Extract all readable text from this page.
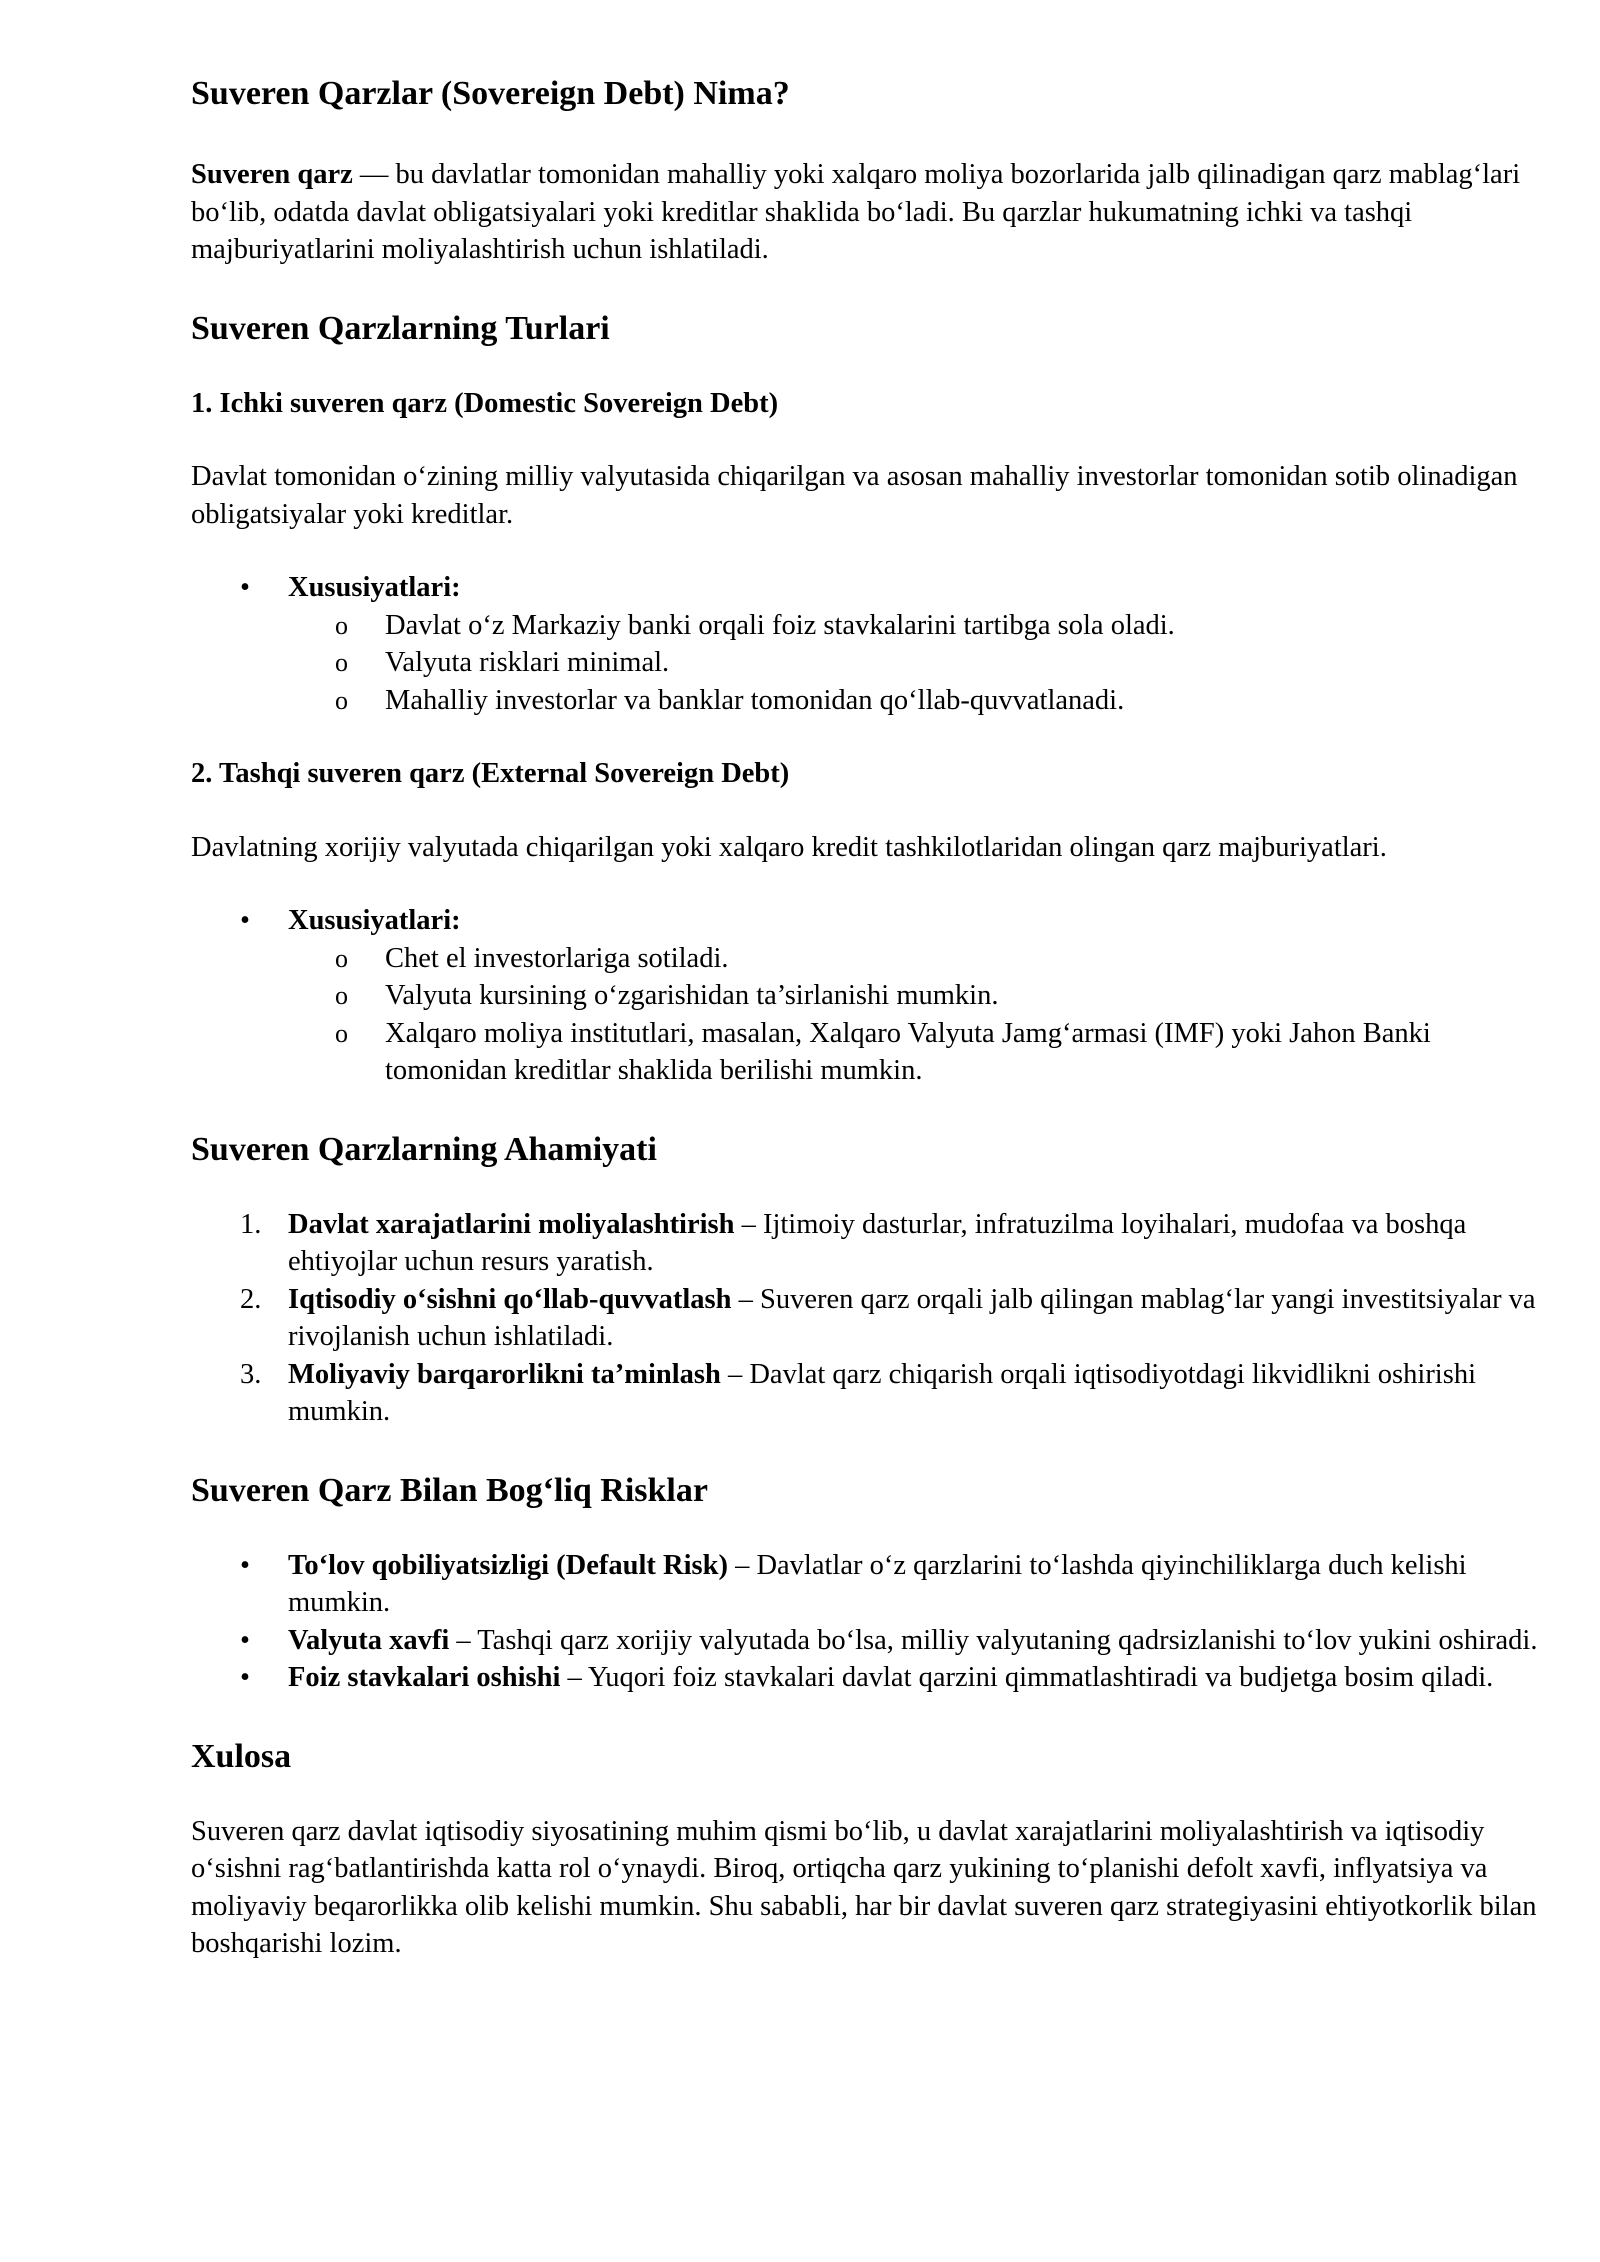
Suveren Qarzlar (Sovereign Debt) Nima?

Suveren qarz — bu davlatlar tomonidan mahalliy yoki xalqaro moliya bozorlarida jalb qilinadigan qarz mablag‘lari bo‘lib, odatda davlat obligatsiyalari yoki kreditlar shaklida bo‘ladi. Bu qarzlar hukumatning ichki va tashqi majburiyatlarini moliyalashtirish uchun ishlatiladi.

Suveren Qarzlarning Turlari
1. Ichki suveren qarz (Domestic Sovereign Debt)

Davlat tomonidan o‘zining milliy valyutasida chiqarilgan va asosan mahalliy investorlar tomonidan sotib olinadigan obligatsiyalar yoki kreditlar.

• Xususiyatlari:
o Davlat o‘z Markaziy banki orqali foiz stavkalarini tartibga sola oladi.
o Valyuta risklari minimal.
o Mahalliy investorlar va banklar tomonidan qo‘llab-quvvatlanadi.
2. Tashqi suveren qarz (External Sovereign Debt)

Davlatning xorijiy valyutada chiqarilgan yoki xalqaro kredit tashkilotlaridan olingan qarz majburiyatlari.

• Xususiyatlari:
o Chet el investorlariga sotiladi.
o Valyuta kursining o‘zgarishidan ta’sirlanishi mumkin.
o Xalqaro moliya institutlari, masalan, Xalqaro Valyuta Jamg‘armasi (IMF) yoki Jahon Banki tomonidan kreditlar shaklida berilishi mumkin.
Suveren Qarzlarning Ahamiyati
1. Davlat xarajatlarini moliyalashtirish – Ijtimoiy dasturlar, infratuzilma loyihalari, mudofaa va boshqa ehtiyojlar uchun resurs yaratish.
2. Iqtisodiy o‘sishni qo‘llab-quvvatlash – Suveren qarz orqali jalb qilingan mablag‘lar yangi investitsiyalar va rivojlanish uchun ishlatiladi.
3. Moliyaviy barqarorlikni ta’minlash – Davlat qarz chiqarish orqali iqtisodiyotdagi likvidlikni oshirishi mumkin.
Suveren Qarz Bilan Bog‘liq Risklar
• To‘lov qobiliyatsizligi (Default Risk) – Davlatlar o‘z qarzlarini to‘lashda qiyinchiliklarga duch kelishi mumkin.
• Valyuta xavfi – Tashqi qarz xorijiy valyutada bo‘lsa, milliy valyutaning qadrsizlanishi to‘lov yukini oshiradi.
• Foiz stavkalari oshishi – Yuqori foiz stavkalari davlat qarzini qimmatlashtiradi va budjetga bosim qiladi.
Xulosa

Suveren qarz davlat iqtisodiy siyosatining muhim qismi bo‘lib, u davlat xarajatlarini moliyalashtirish va iqtisodiy o‘sishni rag‘batlantirishda katta rol o‘ynaydi. Biroq, ortiqcha qarz yukining to‘planishi defolt xavfi, inflyatsiya va moliyaviy beqarorlikka olib kelishi mumkin. Shu sababli, har bir davlat suveren qarz strategiyasini ehtiyotkorlik bilan boshqarishi lozim.
